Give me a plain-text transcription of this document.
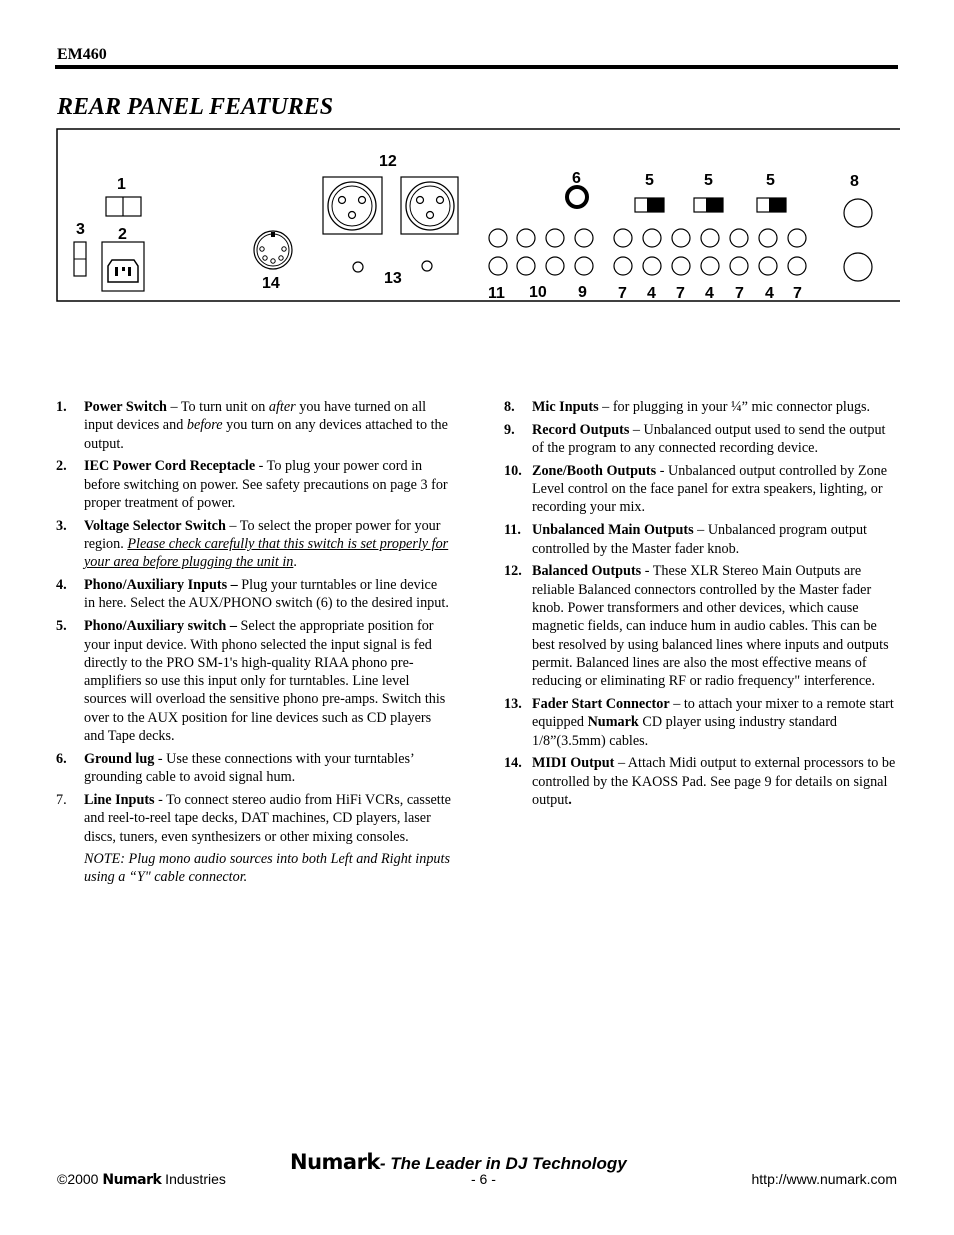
EM460
REAR PANEL FEATURES
1
2
3
6	5	5	5	8
12
13
14
11 10 9 7 4 7 4 7 4 7
1. Power Switch – To turn unit on after you have turned on all input devices and before you turn on any devices attached to the output.
2. IEC Power Cord Receptacle - To plug your power cord in before switching on power. See safety precautions on page 3 for proper treatment of power.
3. Voltage Selector Switch – To select the proper power for your region. Please check carefully that this switch is set properly for your area before plugging the unit in.
4. Phono/Auxiliary Inputs – Plug your turntables or line device in here. Select the AUX/PHONO switch (6) to the desired input.
5. Phono/Auxiliary switch – Select the appropriate position for your input device. With phono selected the input signal is fed directly to the PRO SM-1's high-quality RIAA phono pre-amplifiers so use this input only for turntables. Line level sources will overload the sensitive phono pre-amps. Switch this over to the AUX position for line devices such as CD players and Tape decks.
6. Ground lug - Use these connections with your turntables’ grounding cable to avoid signal hum.
7. Line Inputs - To connect stereo audio from HiFi VCRs, cassette and reel-to-reel tape decks, DAT machines, CD players, laser discs, tuners, even synthesizers or other mixing consoles.
NOTE: Plug mono audio sources into both Left and Right inputs using a “Y" cable connector.
8. Mic Inputs – for plugging in your ¼” mic connector plugs.
9. Record Outputs – Unbalanced output used to send the output of the program to any connected recording device.
10. Zone/Booth Outputs - Unbalanced output controlled by Zone Level control on the face panel for extra speakers, lighting, or recording your mix.
11. Unbalanced Main Outputs – Unbalanced program output controlled by the Master fader knob.
12. Balanced Outputs - These XLR Stereo Main Outputs are reliable Balanced connectors controlled by the Master fader knob. Power transformers and other devices, which cause magnetic fields, can induce hum in audio cables. This can be best resolved by using balanced lines where inputs and outputs permit. Balanced lines are also the most effective means of reducing or eliminating RF or radio frequency" interference.
13. Fader Start Connector – to attach your mixer to a remote start equipped Numark CD player using industry standard 1/8”(3.5mm) cables.
14. MIDI Output – Attach Midi output to external processors to be controlled by the KAOSS Pad. See page 9 for details on signal output.
Numark- The Leader in DJ Technology
©2000 Numark Industries	- 6 -	http://www.numark.com
